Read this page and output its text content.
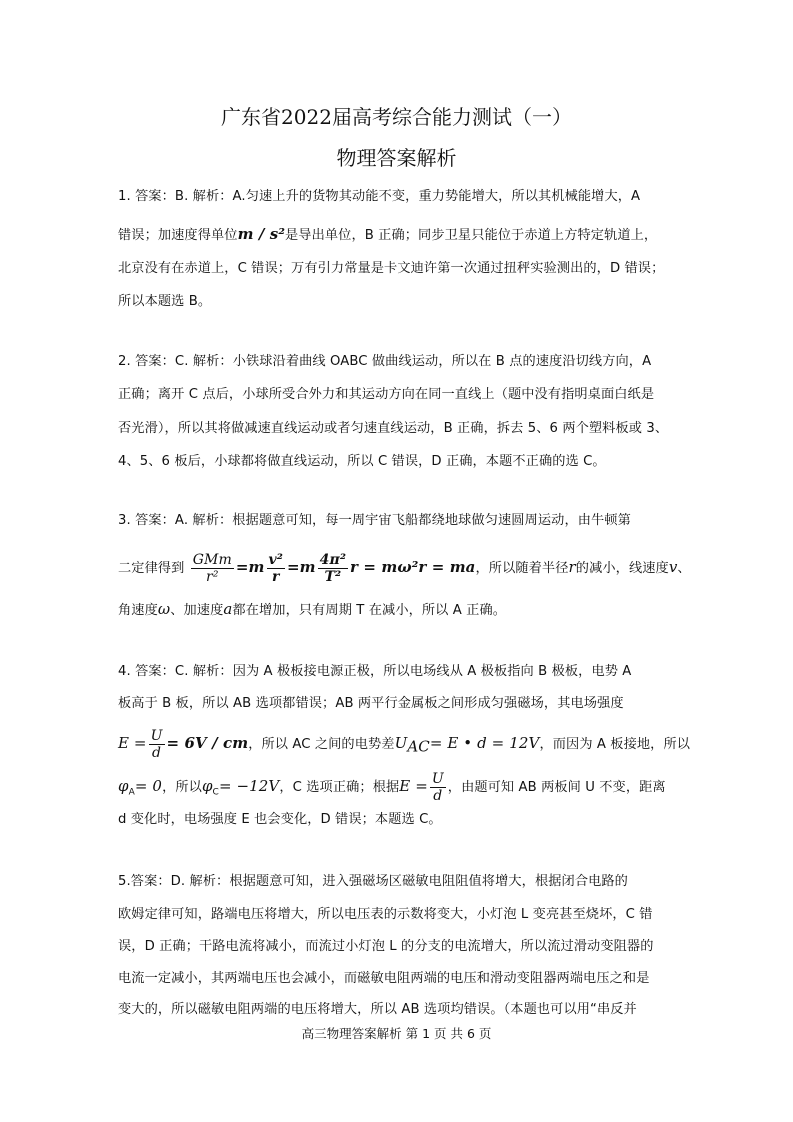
广东省2022届高考综合能力测试（一）
物理答案解析
1. 答案：B. 解析：A.匀速上升的货物其动能不变，重力势能增大，所以其机械能增大，A
错误；加速度得单位m / s²是导出单位，B 正确；同步卫星只能位于赤道上方特定轨道上，
北京没有在赤道上，C 错误；万有引力常量是卡文迪许第一次通过扭秤实验测出的，D 错误；
所以本题选 B。
2. 答案：C. 解析：小铁球沿着曲线 OABC 做曲线运动，所以在 B 点的速度沿切线方向，A
正确；离开 C 点后，小球所受合外力和其运动方向在同一直线上（题中没有指明桌面白纸是
否光滑），所以其将做减速直线运动或者匀速直线运动，B 正确，拆去 5、6 两个塑料板或 3、
4、5、6 板后，小球都将做直线运动，所以 C 错误，D 正确，本题不正确的选 C。
3. 答案：A. 解析：根据题意可知，每一周宇宙飞船都绕地球做匀速圆周运动，由牛顿第
二定律得到 $\frac{\text{GMm}}{\text{r²}} =m \frac{\text{v²}}{r} =m \frac{\text{4π²}}{\text{T²}}$ r = mω²r = ma，所以随着半径r的减小，线速度v、
角速度ω、加速度a都在增加，只有周期 T 在减小，所以 A 正确。
4. 答案：C. 解析：因为 A 极板接电源正极，所以电场线从 A 极板指向 B 极板，电势 A
板高于 B 板，所以 AB 选项都错误；AB 两平行金属板之间形成匀强磁场，其电场强度
$E = \frac{U}{d} = 6V$ / cm，所以 AC 之间的电势差$U_{AC}= E$ • d = 12V，而因为 A 板接地，所以
$\varphi_A= 0$，所以$\varphi_C= -12V$，C 选项正确；根据$E = \frac{U}{d}$ ，由题可知 AB 两板间 U 不变，距离
d 变化时，电场强度 E 也会变化，D 错误；本题选 C。
5.答案：D. 解析：根据题意可知，进入强磁场区磁敏电阻阻值将增大，根据闭合电路的
欧姆定律可知，路端电压将增大，所以电压表的示数将变大，小灯泡 L 变亮甚至烧坏，C 错
误，D 正确；干路电流将减小，而流过小灯泡 L 的分支的电流增大，所以流过滑动变阻器的
电流一定减小，其两端电压也会减小，而磁敏电阻两端的电压和滑动变阻器两端电压之和是
变大的，所以磁敏电阻两端的电压将增大，所以 AB 选项均错误。（本题也可以用“串反并
高三物理答案解析 第 1 页 共 6 页
